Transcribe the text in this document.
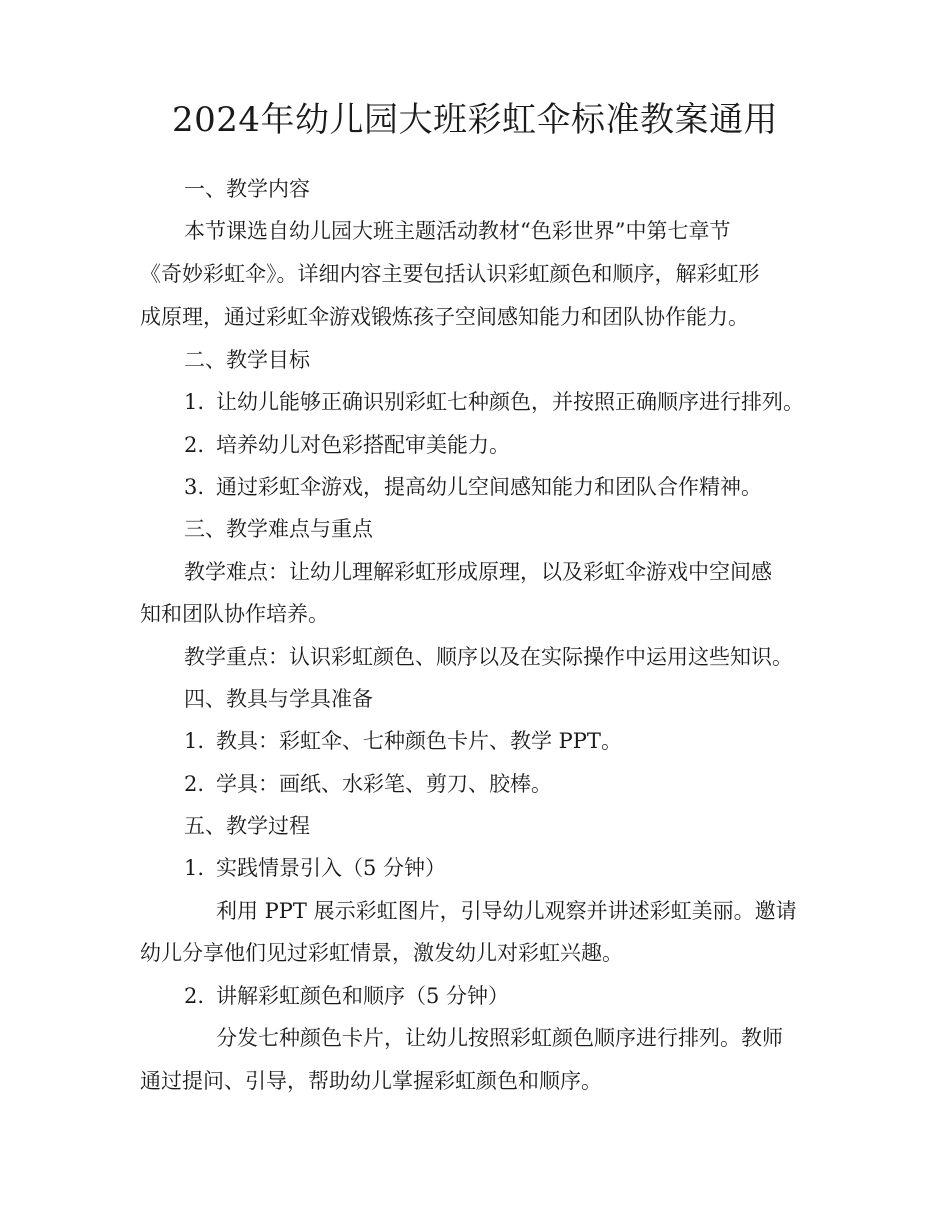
2024年幼儿园大班彩虹伞标准教案通用
一、教学内容
本节课选自幼儿园大班主题活动教材“色彩世界”中第七章节
《奇妙彩虹伞》。详细内容主要包括认识彩虹颜色和顺序，解彩虹形
成原理，通过彩虹伞游戏锻炼孩子空间感知能力和团队协作能力。
二、教学目标
1. 让幼儿能够正确识别彩虹七种颜色，并按照正确顺序进行排列。
2. 培养幼儿对色彩搭配审美能力。
3. 通过彩虹伞游戏，提高幼儿空间感知能力和团队合作精神。
三、教学难点与重点
教学难点：让幼儿理解彩虹形成原理，以及彩虹伞游戏中空间感
知和团队协作培养。
教学重点：认识彩虹颜色、顺序以及在实际操作中运用这些知识。
四、教具与学具准备
1. 教具：彩虹伞、七种颜色卡片、教学 PPT。
2. 学具：画纸、水彩笔、剪刀、胶棒。
五、教学过程
1. 实践情景引入（5 分钟）
利用 PPT 展示彩虹图片，引导幼儿观察并讲述彩虹美丽。邀请
幼儿分享他们见过彩虹情景，激发幼儿对彩虹兴趣。
2. 讲解彩虹颜色和顺序（5 分钟）
分发七种颜色卡片，让幼儿按照彩虹颜色顺序进行排列。教师
通过提问、引导，帮助幼儿掌握彩虹颜色和顺序。
